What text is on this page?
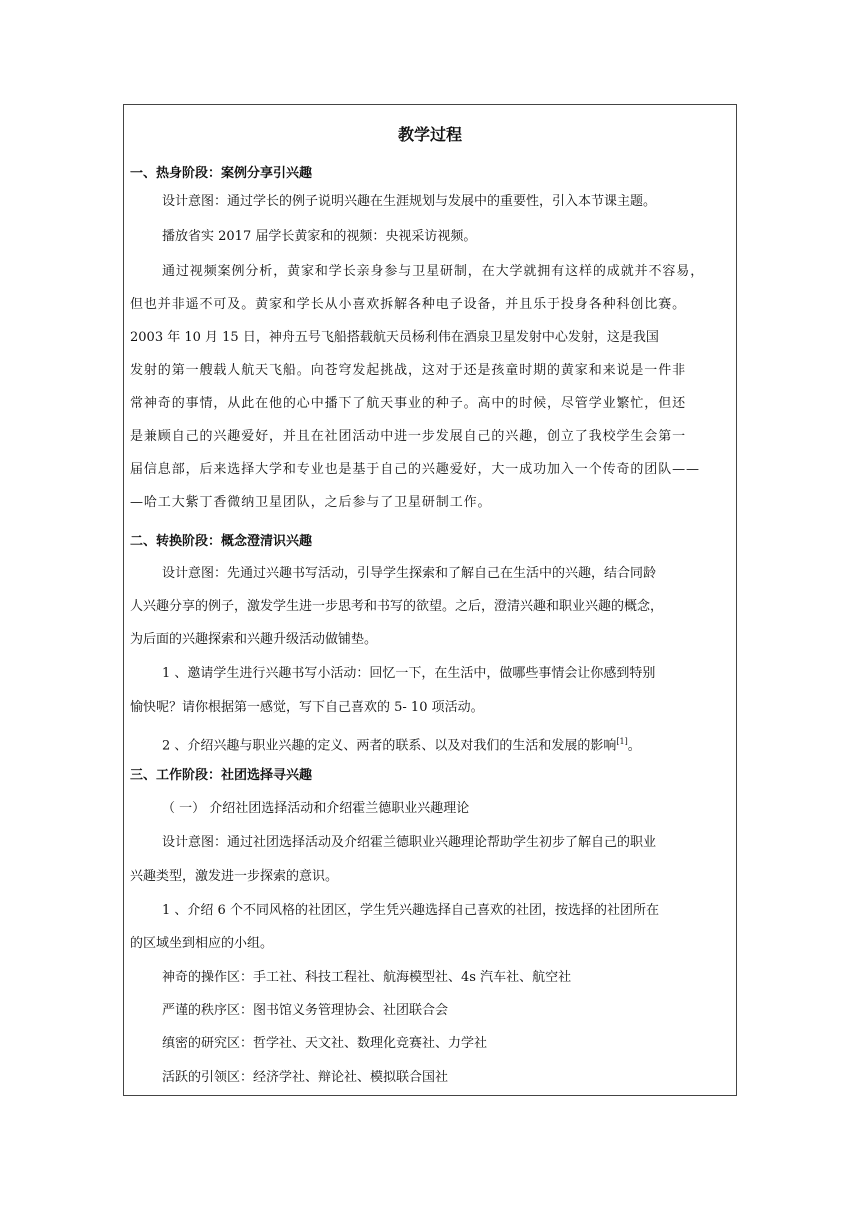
教学过程
一、热身阶段：案例分享引兴趣
设计意图：通过学长的例子说明兴趣在生涯规划与发展中的重要性，引入本节课主题。
播放省实 2017 届学长黄家和的视频：央视采访视频。
通过视频案例分析，黄家和学长亲身参与卫星研制，在大学就拥有这样的成就并不容易，
但也并非遥不可及。黄家和学长从小喜欢拆解各种电子设备，并且乐于投身各种科创比赛。
2003 年 10 月 15 日，神舟五号飞船搭载航天员杨利伟在酒泉卫星发射中心发射，这是我国
发射的第一艘载人航天飞船。向苍穹发起挑战，这对于还是孩童时期的黄家和来说是一件非
常神奇的事情，从此在他的心中播下了航天事业的种子。高中的时候，尽管学业繁忙，但还
是兼顾自己的兴趣爱好，并且在社团活动中进一步发展自己的兴趣，创立了我校学生会第一
届信息部，后来选择大学和专业也是基于自己的兴趣爱好，大一成功加入一个传奇的团队——
—哈工大紫丁香微纳卫星团队，之后参与了卫星研制工作。
二、转换阶段：概念澄清识兴趣
设计意图：先通过兴趣书写活动，引导学生探索和了解自己在生活中的兴趣，结合同龄
人兴趣分享的例子，激发学生进一步思考和书写的欲望。之后，澄清兴趣和职业兴趣的概念，
为后面的兴趣探索和兴趣升级活动做铺垫。
1 、邀请学生进行兴趣书写小活动：回忆一下，在生活中，做哪些事情会让你感到特别
愉快呢？请你根据第一感觉，写下自己喜欢的 5- 10 项活动。
2 、介绍兴趣与职业兴趣的定义、两者的联系、以及对我们的生活和发展的影响[1]。
三、工作阶段：社团选择寻兴趣
（ 一） 介绍社团选择活动和介绍霍兰德职业兴趣理论
设计意图：通过社团选择活动及介绍霍兰德职业兴趣理论帮助学生初步了解自己的职业
兴趣类型，激发进一步探索的意识。
1 、介绍 6 个不同风格的社团区，学生凭兴趣选择自己喜欢的社团，按选择的社团所在
的区域坐到相应的小组。
神奇的操作区：手工社、科技工程社、航海模型社、4s 汽车社、航空社
严谨的秩序区：图书馆义务管理协会、社团联合会
缜密的研究区：哲学社、天文社、数理化竞赛社、力学社
活跃的引领区：经济学社、辩论社、模拟联合国社
